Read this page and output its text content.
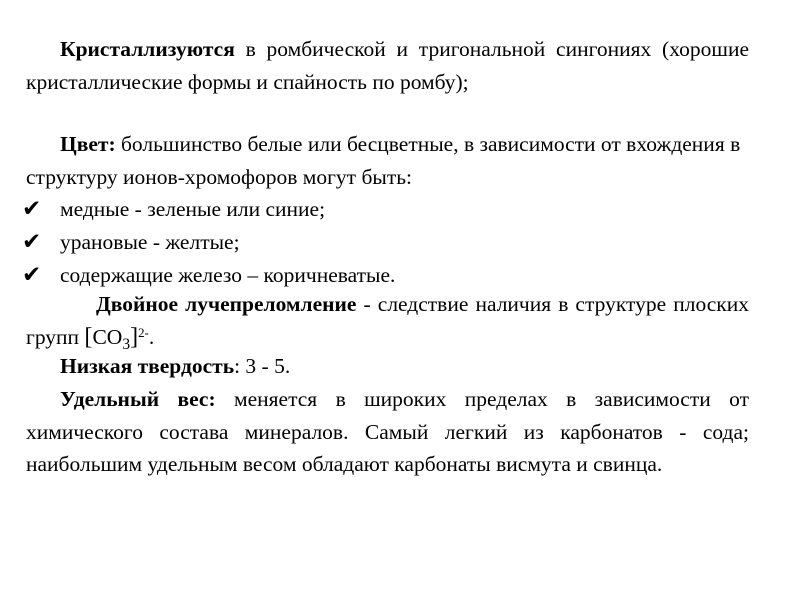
Кристаллизуются в ромбической и тригональной сингониях (хорошие кристаллические формы и спайность по ромбу);

Цвет: большинство белые или бесцветные, в зависимости от вхождения в структуру ионов-хромофоров могут быть:

✔ медные - зеленые или синие;
✔ урановые - желтые;
✔ содержащие железо – коричневатые.

Двойное лучепреломление - следствие наличия в структуре плоских групп $[CO_3]^{2-}$.

Низкая твердость: 3 - 5.

Удельный вес: меняется в широких пределах в зависимости от химического состава минералов. Самый легкий из карбонатов - сода; наибольшим удельным весом обладают карбонаты висмута и свинца.
